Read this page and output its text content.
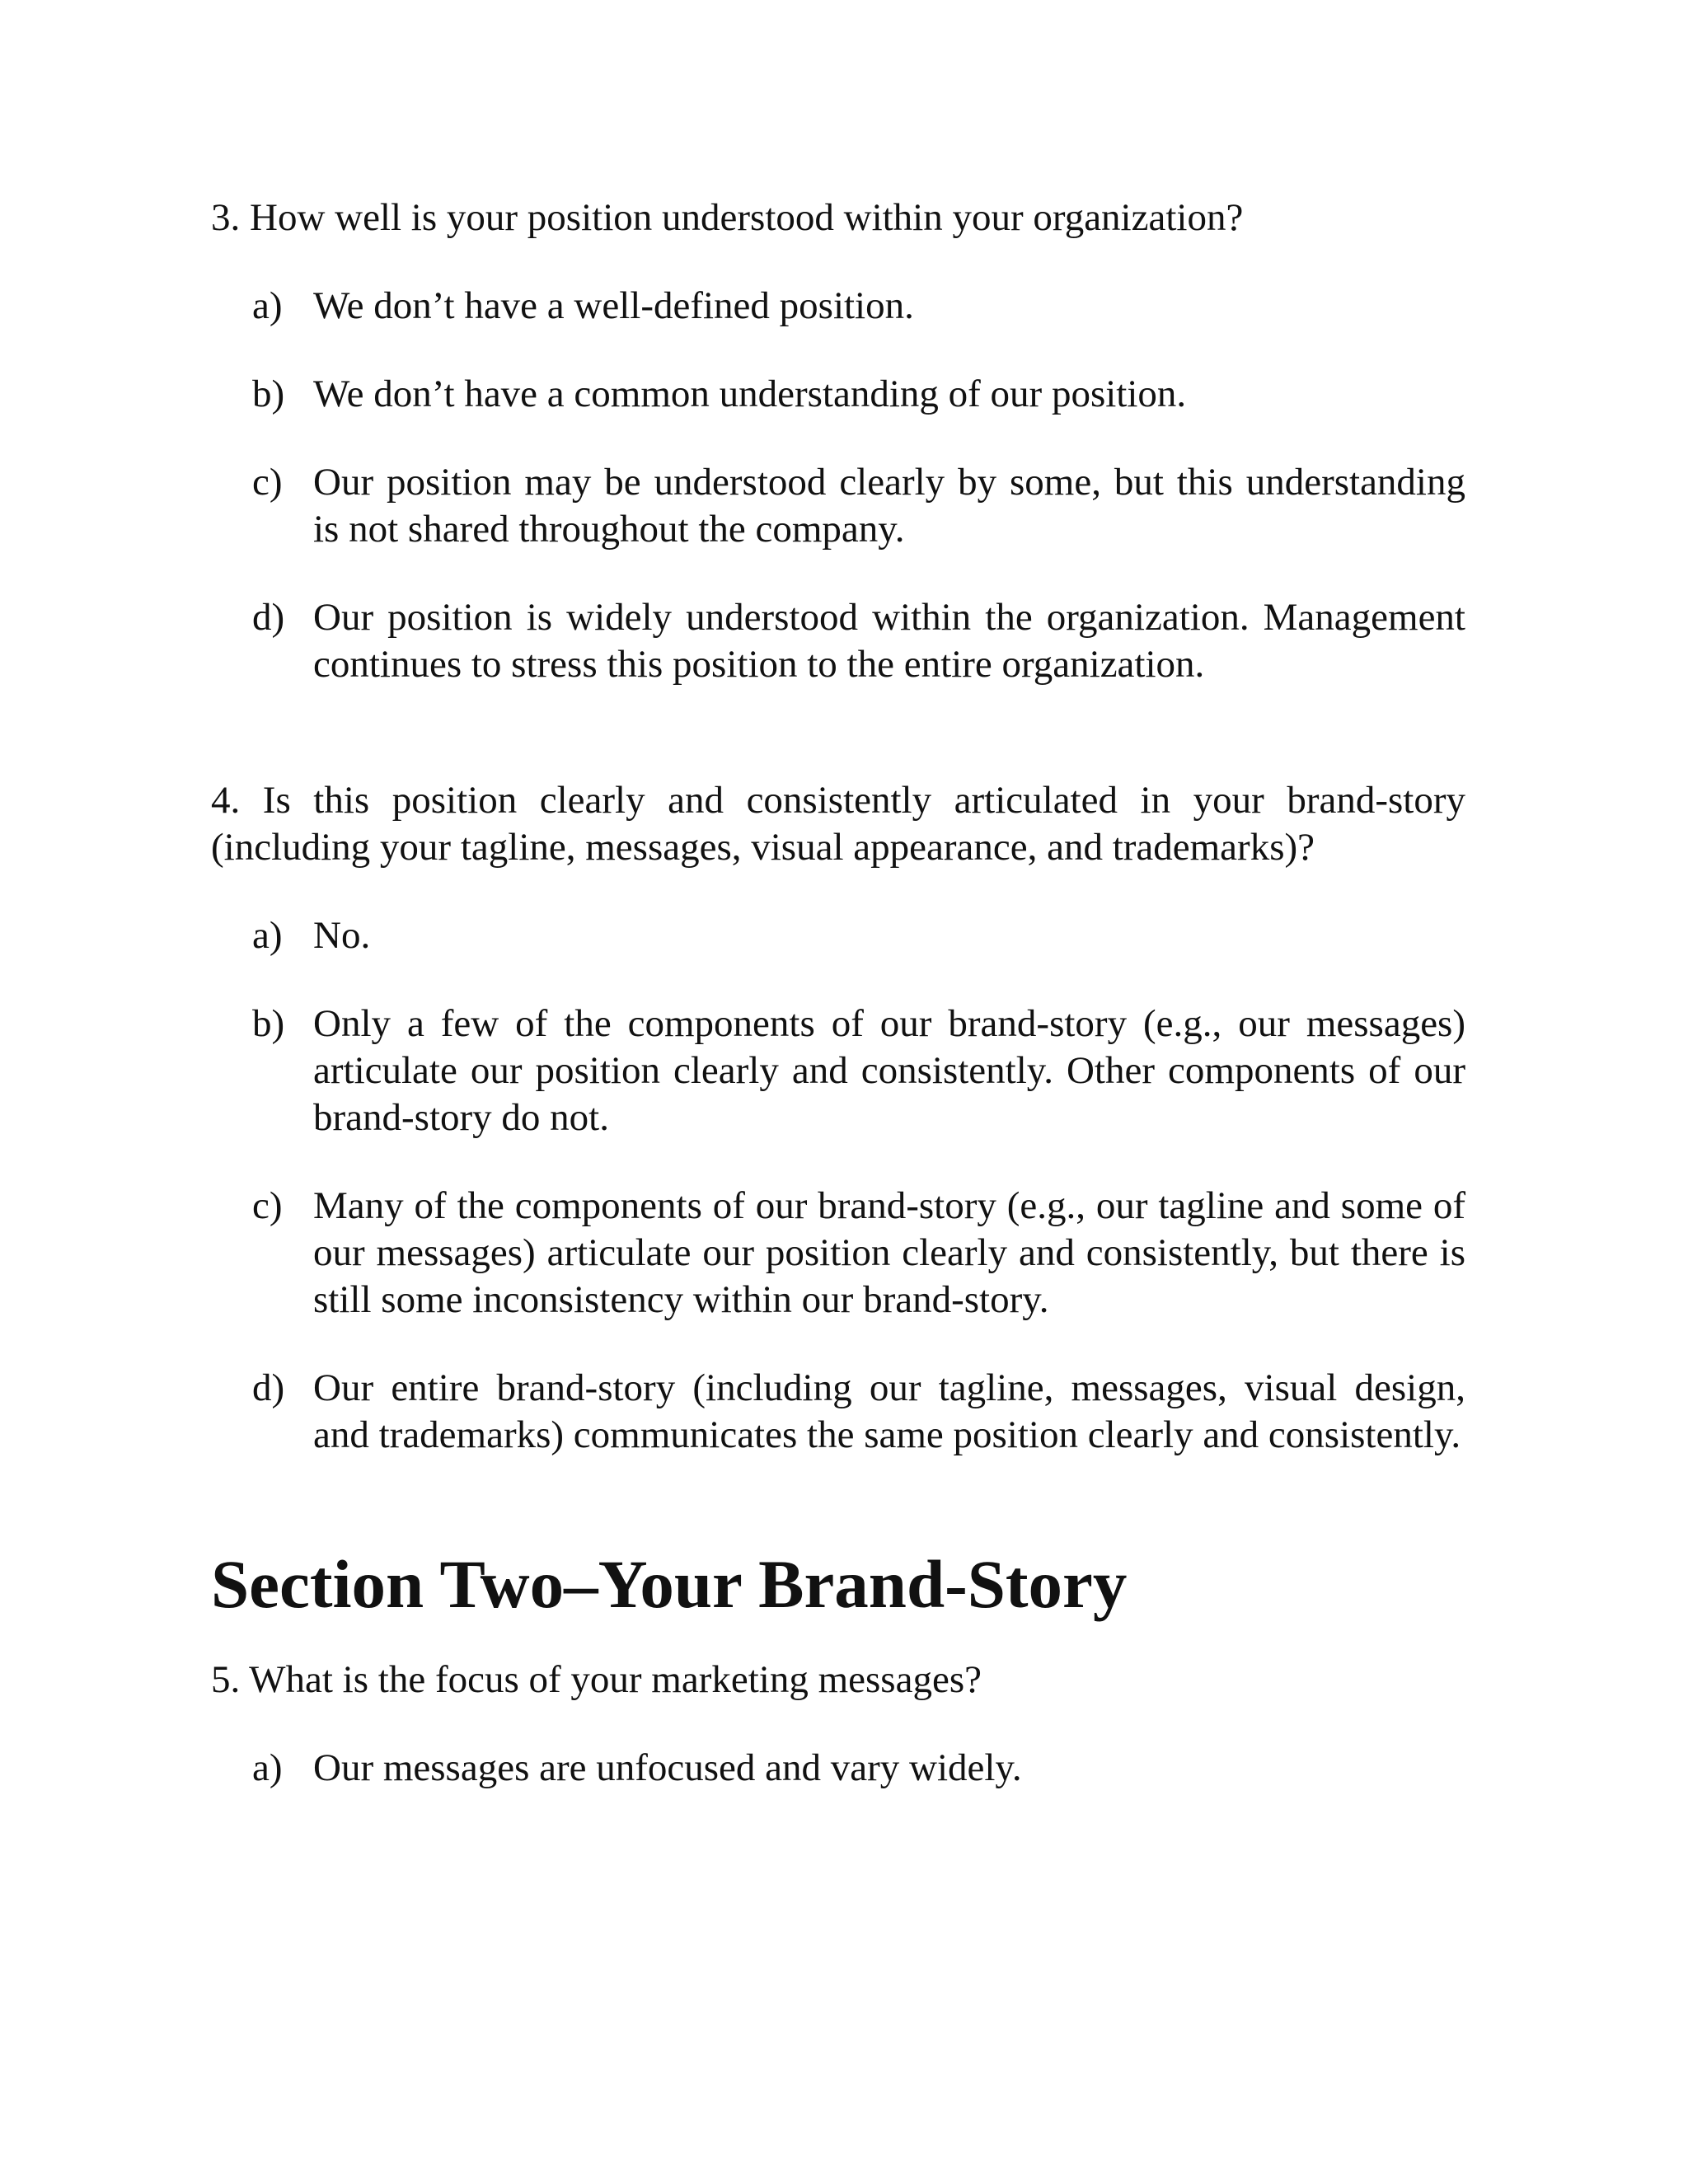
3. How well is your position understood within your organization?

a) We don’t have a well-defined position.
b) We don’t have a common understanding of our position.
c) Our position may be understood clearly by some, but this understanding is not shared throughout the company.
d) Our position is widely understood within the organization. Management continues to stress this position to the entire organization.

4. Is this position clearly and consistently articulated in your brand-story (including your tagline, messages, visual appearance, and trademarks)?

a) No.
b) Only a few of the components of our brand-story (e.g., our messages) articulate our position clearly and consistently. Other components of our brand-story do not.
c) Many of the components of our brand-story (e.g., our tagline and some of our messages) articulate our position clearly and consistently, but there is still some inconsistency within our brand-story.
d) Our entire brand-story (including our tagline, messages, visual design, and trademarks) communicates the same position clearly and consistently.
Section Two–Your Brand-Story

5. What is the focus of your marketing messages?

a) Our messages are unfocused and vary widely.
